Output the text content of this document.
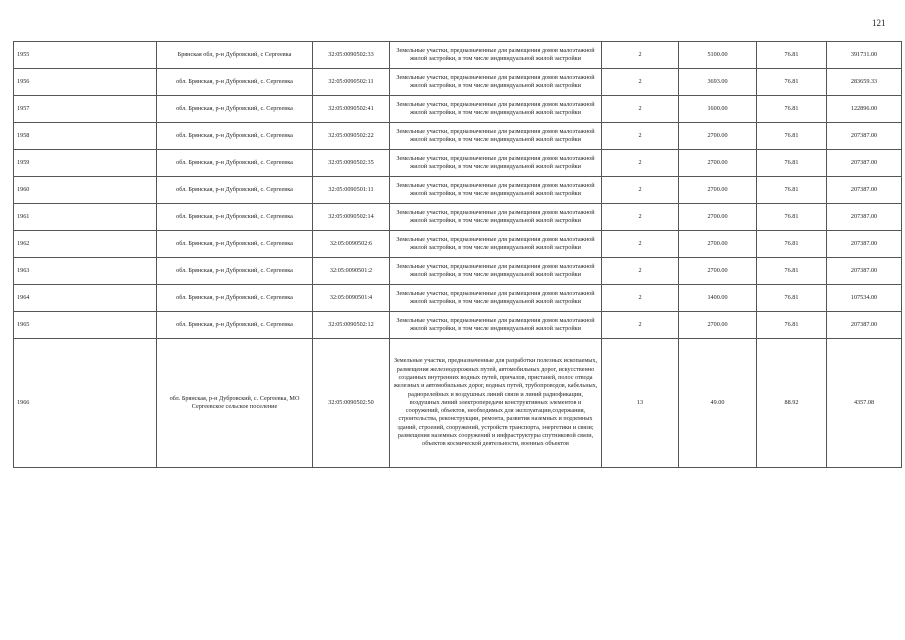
121
1955	Брянская обл, р-н Дубровский, с Сергеевка	32:05:0090502:33	Земельные участки, предназначенные для размещения домов малоэтажной жилой застройки, в том числе индивидуальной жилой застройки	2	5100.00	76.81	391731.00
1956	обл. Брянская, р-н Дубровский, с. Сергеевка	32:05:0090502:11	Земельные участки, предназначенные для размещения домов малоэтажной жилой застройки, в том числе индивидуальной жилой застройки	2	3693.00	76.81	283659.33
1957	обл. Брянская, р-н Дубровский, с. Сергеевка	32:05:0090502:41	Земельные участки, предназначенные для размещения домов малоэтажной жилой застройки, в том числе индивидуальной жилой застройки	2	1600.00	76.81	122896.00
1958	обл. Брянская, р-н Дубровский, с. Сергеевка	32:05:0090502:22	Земельные участки, предназначенные для размещения домов малоэтажной жилой застройки, в том числе индивидуальной жилой застройки	2	2700.00	76.81	207387.00
1959	обл. Брянская, р-н Дубровский, с. Сергеевка	32:05:0090502:35	Земельные участки, предназначенные для размещения домов малоэтажной жилой застройки, в том числе индивидуальной жилой застройки	2	2700.00	76.81	207387.00
1960	обл. Брянская, р-н Дубровский, с. Сергеевка	32:05:0090501:11	Земельные участки, предназначенные для размещения домов малоэтажной жилой застройки, в том числе индивидуальной жилой застройки	2	2700.00	76.81	207387.00
1961	обл. Брянская, р-н Дубровский, с. Сергеевка	32:05:0090502:14	Земельные участки, предназначенные для размещения домов малоэтажной жилой застройки, в том числе индивидуальной жилой застройки	2	2700.00	76.81	207387.00
1962	обл. Брянская, р-н Дубровский, с. Сергеевка	32:05:0090502:6	Земельные участки, предназначенные для размещения домов малоэтажной жилой застройки, в том числе индивидуальной жилой застройки	2	2700.00	76.81	207387.00
1963	обл. Брянская, р-н Дубровский, с. Сергеевка	32:05:0090501:2	Земельные участки, предназначенные для размещения домов малоэтажной жилой застройки, в том числе индивидуальной жилой застройки	2	2700.00	76.81	207387.00
1964	обл. Брянская, р-н Дубровский, с. Сергеевка	32:05:0090501:4	Земельные участки, предназначенные для размещения домов малоэтажной жилой застройки, в том числе индивидуальной жилой застройки	2	1400.00	76.81	107534.00
1965	обл. Брянская, р-н Дубровский, с. Сергеевка	32:05:0090502:12	Земельные участки, предназначенные для размещения домов малоэтажной жилой застройки, в том числе индивидуальной жилой застройки	2	2700.00	76.81	207387.00
1966	обл. Брянская, р-н Дубровский, с. Сергеевка, МО Сергеевское сельское поселение	32:05:0090502:50	Земельные участки, предназначенные для разработки полезных ископаемых, размещения железнодорожных путей, автомобильных дорог, искусственно созданных внутренних водных путей, причалов, пристаней, полос отвода железных и автомобильных дорог, водных путей, трубопроводов, кабельных, радиорелейных и воздушных линий связи и линий радиофикации, воздушных линий электропередачи конструктивных элементов и сооружений, объектов, необходимых для эксплуатации,содержания, строительства, реконструкции, ремонта, развития наземных и подземных зданий, строений, сооружений, устройств транспорта, энергетики и связи; размещения наземных сооружений и инфраструктуры спутниковой связи, объектов космической деятельности, военных объектов	13	49.00	88.92	4357.08
